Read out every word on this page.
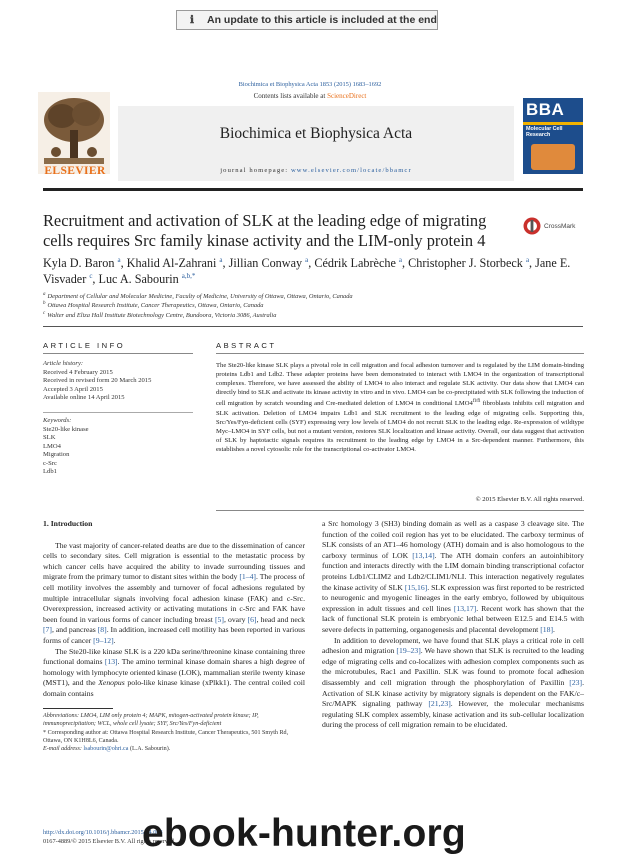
ℹ	An update to this article is included at the end
Biochimica et Biophysica Acta 1853 (2015) 1683–1692
ELSEVIER
Contents lists available at ScienceDirect
Biochimica et Biophysica Acta
journal homepage: www.elsevier.com/locate/bbamcr
BBA
Molecular Cell Research
Recruitment and activation of SLK at the leading edge of migrating cells requires Src family kinase activity and the LIM-only protein 4
CrossMark
Kyla D. Baron $^a$, Khalid Al-Zahrani $^a$, Jillian Conway $^a$, Cédrik Labrèche $^a$, Christopher J. Storbeck $^a$, Jane E. Visvader $^c$, Luc A. Sabourin $^{a,b,*}$
$^a$ Department of Cellular and Molecular Medicine, Faculty of Medicine, University of Ottawa, Ottawa, Ontario, Canada
$^b$ Ottawa Hospital Research Institute, Cancer Therapeutics, Ottawa, Ontario, Canada
$^c$ Walter and Eliza Hall Institute Biotechnology Centre, Bundoora, Victoria 3086, Australia
ARTICLE INFO
Article history:
Received 4 February 2015
Received in revised form 20 March 2015
Accepted 3 April 2015
Available online 14 April 2015
Keywords:
Ste20-like kinase
SLK
LMO4
Migration
c-Src
Ldb1
ABSTRACT
The Ste20-like kinase SLK plays a pivotal role in cell migration and focal adhesion turnover and is regulated by the LIM domain-binding proteins Ldb1 and Ldb2. These adapter proteins have been demonstrated to interact with LMO4 in the organization of transcriptional complexes. Therefore, we have assessed the ability of LMO4 to also interact and regulate SLK activity. Our data show that LMO4 can directly bind to SLK and activate its kinase activity in vitro and in vivo. LMO4 can be co-precipitated with SLK following the induction of cell migration by scratch wounding and Cre-mediated deletion of LMO4 in conditional $LMO4^{fl/fl}$ fibroblasts inhibits cell migration and SLK activation. Deletion of LMO4 impairs Ldb1 and SLK recruitment to the leading edge of migrating cells. Supporting this, Src/Yes/Fyn-deficient cells (SYF) expressing very low levels of LMO4 do not recruit SLK to the leading edge. Re-expression of wildtype Myc–LMO4 in SYF cells, but not a mutant version, restores SLK localization and kinase activity. Overall, our data suggest that activation of SLK by haptotactic signals requires its recruitment to the leading edge by LMO4 in a Src-dependent manner. Furthermore, this establishes a novel cytosolic role for the transcriptional co-activator LMO4.
© 2015 Elsevier B.V. All rights reserved.
1. Introduction

The vast majority of cancer-related deaths are due to the dissemination of cancer cells to secondary sites. Cell migration is essential to the metastatic process by which cancer cells have acquired the ability to invade surrounding tissues and migrate from the primary tumor to distant sites within the body [1–4]. The process of cell motility involves the assembly and turnover of focal adhesions regulated by multiple intracellular signals involving focal adhesion kinase (FAK) and c-Src. Overexpression, increased activity or activating mutations in c-Src and FAK have been found in various forms of cancer including breast [5], ovary [6], head and neck [7], and pancreas [8]. In addition, increased cell motility has been reported in various forms of cancer [9–12].

The Ste20-like kinase SLK is a 220 kDa serine/threonine kinase containing three functional domains [13]. The amino terminal kinase domain shares a high degree of homology with lymphocyte oriented kinase (LOK), mammalian sterile twenty kinase (MST1), and the Xenopus polo-like kinase kinase (xPlkk1). The central coiled coil domain contains

a Src homology 3 (SH3) binding domain as well as a caspase 3 cleavage site. The function of the coiled coil region has yet to be elucidated. The carboxy terminus of SLK consists of an AT1–46 homology (ATH) domain and is also homologous to the carboxy terminus of LOK [13,14]. The ATH domain confers an autoinhibitory function and interacts directly with the LIM domain binding transcriptional cofactor proteins Ldb1/CLIM2 and Ldb2/CLIM1/NLI. This interaction negatively regulates the kinase activity of SLK [15,16]. SLK expression was first reported to be restricted to neurogenic and myogenic lineages in the early embryo, followed by ubiquitous expression in adult tissues and cell lines [13,17]. Recent work has shown that the lack of functional SLK protein is embryonic lethal between E12.5 and E14.5 with severe defects in patterning, organogenesis and placental development [18].

In addition to development, we have found that SLK plays a critical role in cell adhesion and migration [19–23]. We have shown that SLK is recruited to the leading edge of migrating cells and co-localizes with adhesion complex components such as the microtubules, Rac1 and Paxillin. SLK was found to promote focal adhesion disassembly and cell migration through the phosphorylation of Paxillin [23]. Activation of SLK kinase activity by migratory signals is dependent on the FAK/c–Src/MAPK signaling pathway [21,23]. However, the molecular mechanisms regulating SLK complex assembly, kinase activation and its sub-cellular localization during the process of cell migration remain to be elucidated.

Abbreviations: LMO4, LIM only protein 4; MAPK, mitogen-activated protein kinase; IP, immunoprecipitation; WCL, whole cell lysate; SYF, Src/Yes/Fyn-deficient
* Corresponding author at: Ottawa Hospital Research Institute, Cancer Therapeutics, 501 Smyth Rd, Ottawa, ON K1H8L6, Canada.
E-mail address: lsabourin@ohri.ca (L.A. Sabourin).
http://dx.doi.org/10.1016/j.bbamcr.2015.04.003
0167-4889/© 2015 Elsevier B.V. All rights reserved.
ebook-hunter.org
